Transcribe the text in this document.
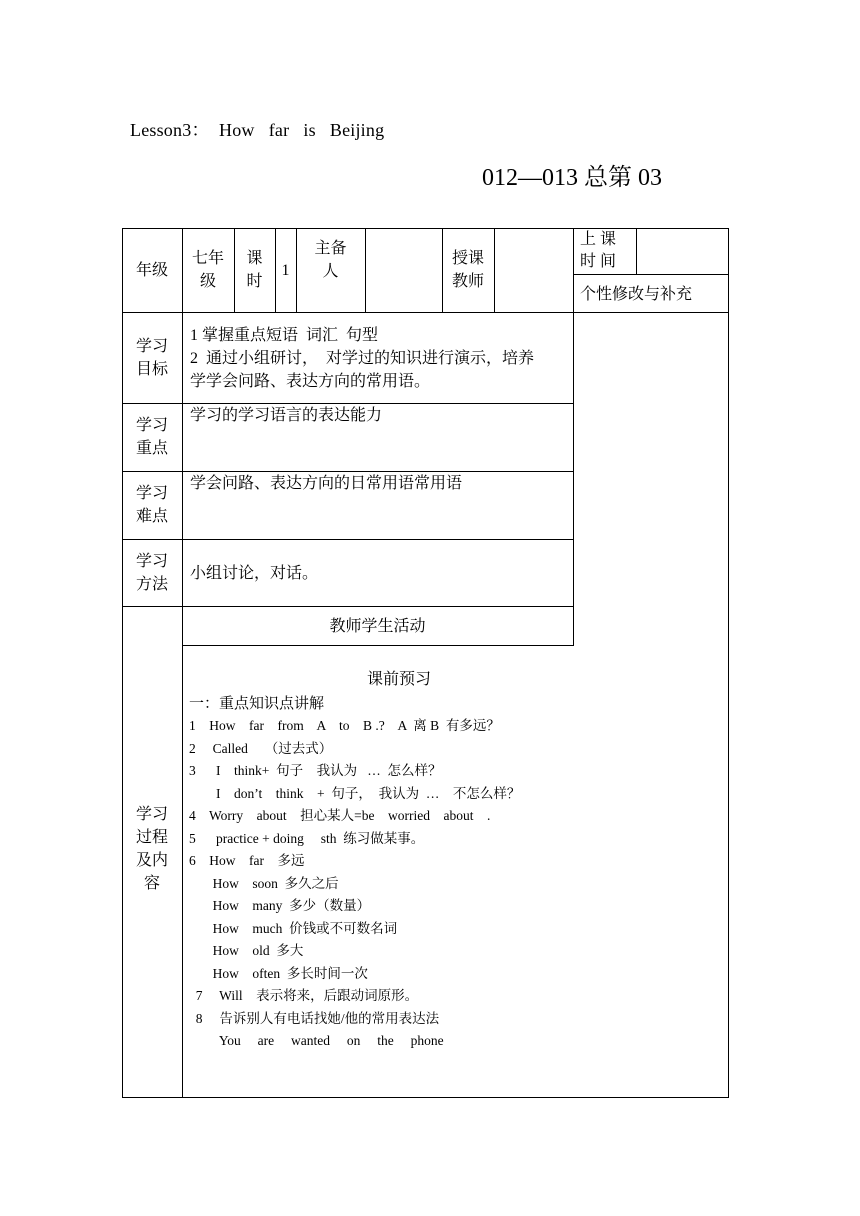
Lesson3：  How   far   is   Beijing
012—013 总第 03
年级
七年
级
课
时
1
主备
人
授课
教师
上 课
时 间
个性修改与补充
学习
目标
1 掌握重点短语  词汇  句型
2  通过小组研讨，  对学过的知识进行演示，培养
学学会问路、表达方向的常用语。
学习
重点
学习的学习语言的表达能力
学习
难点
学会问路、表达方向的日常用语常用语
学习
方法
小组讨论，对话。
学习
过程
及内
容
教师学生活动
课前预习
一：重点知识点讲解
1    How    far    from    A    to    B .?    A  离 B  有多远？
2     Called     （过去式）
3      I    think+  句子    我认为   …  怎么样？
I    don’t    think    +  句子，  我认为  …    不怎么样？
4    Worry    about    担心某人=be    worried    about    .
5      practice + doing     sth  练习做某事。
6    How    far    多远
How    soon  多久之后
How    many  多少（数量）
How    much  价钱或不可数名词
How    old  多大
How    often  多长时间一次
7     Will    表示将来，后跟动词原形。
8     告诉别人有电话找她/他的常用表达法
You     are     wanted     on     the     phone
